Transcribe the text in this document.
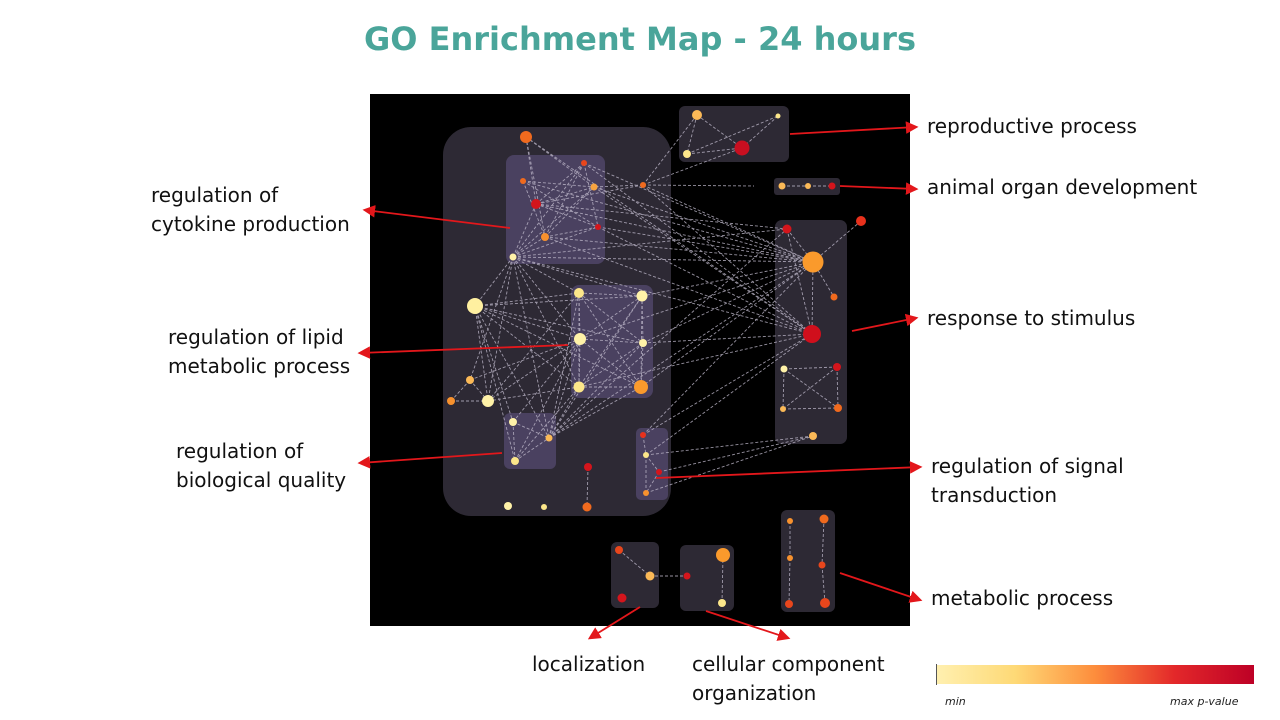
GO Enrichment Map - 24 hours
reproductive process
animal organ development
response to stimulus
regulation of signal
transduction
metabolic process
localization cellular component
organization
regulation of
cytokine production
regulation of lipid
metabolic process
regulation of
biological quality
min	max p-value
